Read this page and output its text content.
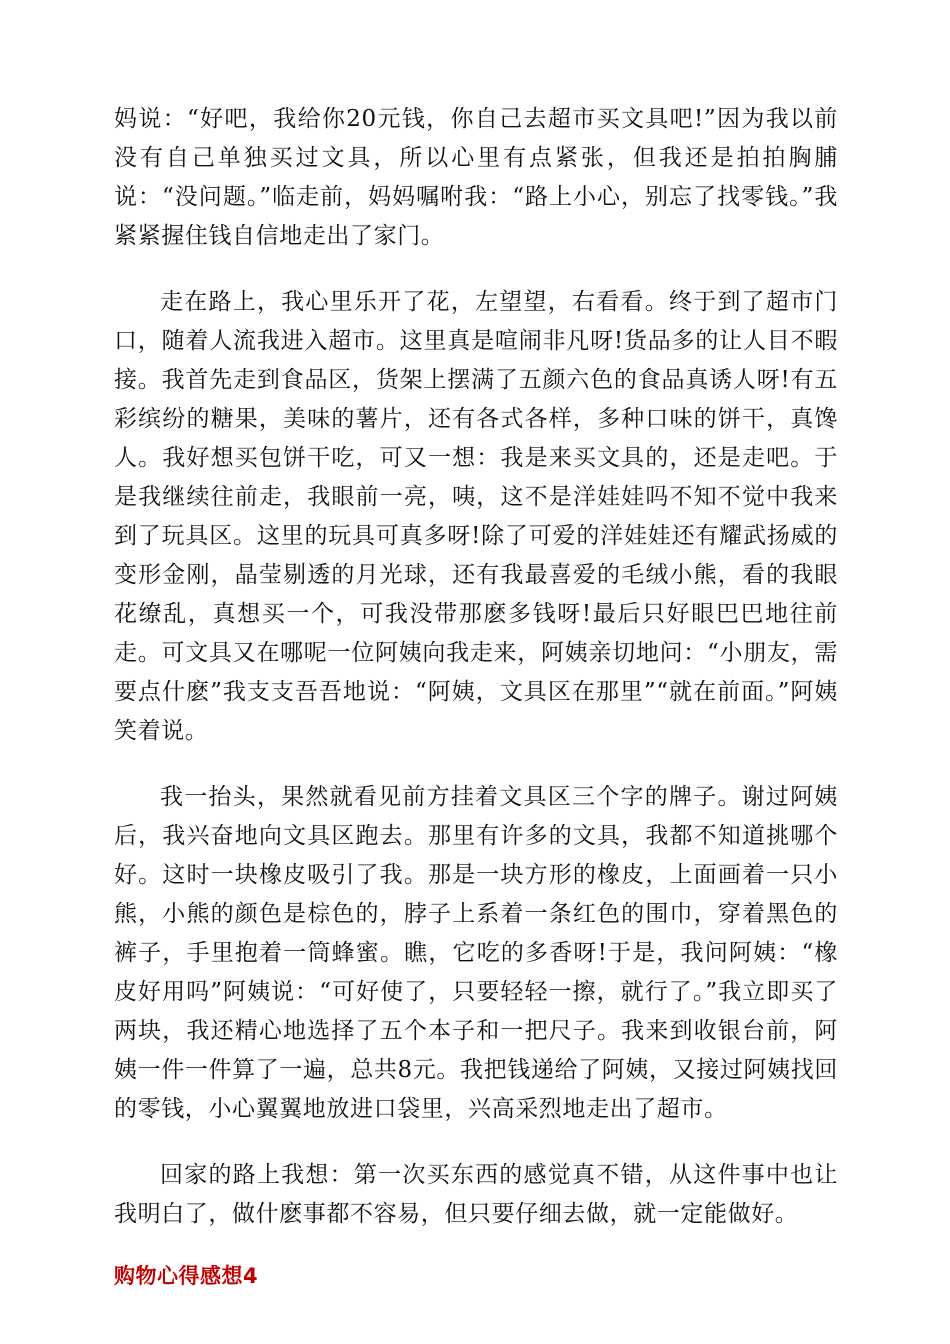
妈说：“好吧，我给你20元钱，你自己去超市买文具吧!”因为我以前没有自己单独买过文具，所以心里有点紧张，但我还是拍拍胸脯说：“没问题。”临走前，妈妈嘱咐我：“路上小心，别忘了找零钱。”我紧紧握住钱自信地走出了家门。

走在路上，我心里乐开了花，左望望，右看看。终于到了超市门口，随着人流我进入超市。这里真是喧闹非凡呀!货品多的让人目不暇接。我首先走到食品区，货架上摆满了五颜六色的食品真诱人呀!有五彩缤纷的糖果，美味的薯片，还有各式各样，多种口味的饼干，真馋人。我好想买包饼干吃，可又一想：我是来买文具的，还是走吧。于是我继续往前走，我眼前一亮，咦，这不是洋娃娃吗不知不觉中我来到了玩具区。这里的玩具可真多呀!除了可爱的洋娃娃还有耀武扬威的变形金刚，晶莹剔透的月光球，还有我最喜爱的毛绒小熊，看的我眼花缭乱，真想买一个，可我没带那麽多钱呀!最后只好眼巴巴地往前走。可文具又在哪呢一位阿姨向我走来，阿姨亲切地问：“小朋友，需要点什麽”我支支吾吾地说：“阿姨，文具区在那里”“就在前面。”阿姨笑着说。

我一抬头，果然就看见前方挂着文具区三个字的牌子。谢过阿姨后，我兴奋地向文具区跑去。那里有许多的文具，我都不知道挑哪个好。这时一块橡皮吸引了我。那是一块方形的橡皮，上面画着一只小熊，小熊的颜色是棕色的，脖子上系着一条红色的围巾，穿着黑色的裤子，手里抱着一筒蜂蜜。瞧，它吃的多香呀!于是，我问阿姨：“橡皮好用吗”阿姨说：“可好使了，只要轻轻一擦，就行了。”我立即买了两块，我还精心地选择了五个本子和一把尺子。我来到收银台前，阿姨一件一件算了一遍，总共8元。我把钱递给了阿姨，又接过阿姨找回的零钱，小心翼翼地放进口袋里，兴高采烈地走出了超市。

回家的路上我想：第一次买东西的感觉真不错，从这件事中也让我明白了，做什麽事都不容易，但只要仔细去做，就一定能做好。

购物心得感想4
